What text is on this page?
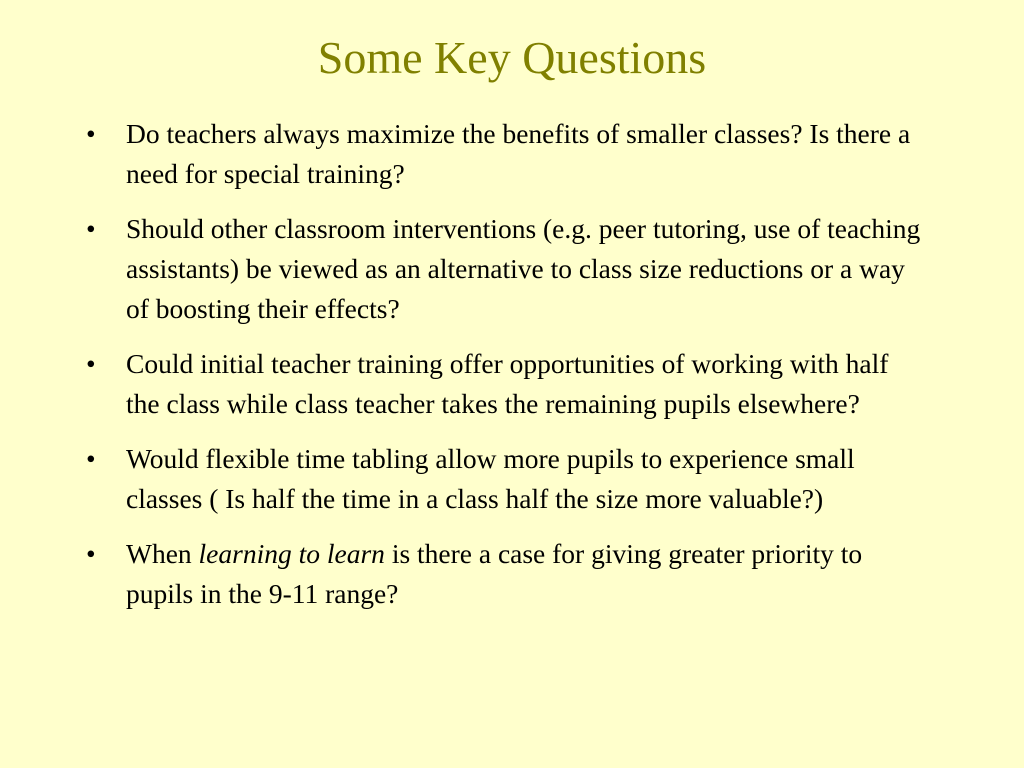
Some Key Questions
• Do teachers always maximize the benefits of smaller classes? Is there a need for special training?
• Should other classroom interventions (e.g. peer tutoring, use of teaching assistants) be viewed as an alternative to class size reductions or a way of boosting their effects?
• Could initial teacher training offer opportunities of working with half the class while class teacher takes the remaining pupils elsewhere?
• Would flexible time tabling allow more pupils to experience small classes ( Is half the time in a class half the size more valuable?)
• When learning to learn is there a case for giving greater priority to pupils in the 9-11 range?
